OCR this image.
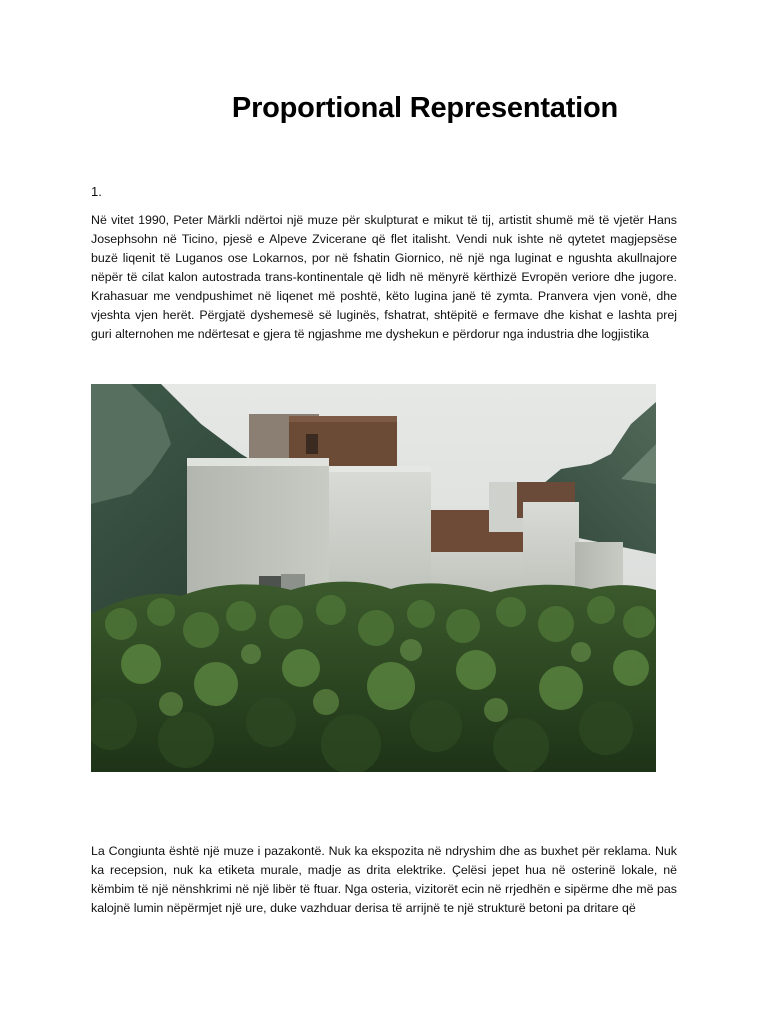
Proportional Representation
1.

Në vitet 1990, Peter Märkli ndërtoi një muze për skulpturat e mikut të tij, artistit shumë më të vjetër Hans Josephsohn në Ticino, pjesë e Alpeve Zvicerane që flet italisht. Vendi nuk ishte në qytetet magjepsëse buzë liqenit të Luganos ose Lokarnos, por në fshatin Giornico, në një nga luginat e ngushta akullnajore nëpër të cilat kalon autostrada trans-kontinentale që lidh në mënyrë kërthizë Evropën veriore dhe jugore. Krahasuar me vendpushimet në liqenet më poshtë, këto lugina janë të zymta. Pranvera vjen vonë, dhe vjeshta vjen herët. Përgjatë dyshemesë së luginës, fshatrat, shtëpitë e fermave dhe kishat e lashta prej guri alternohen me ndërtesat e gjera të ngjashme me dyshekun e përdorur nga industria dhe logjistika

La Congiunta është një muze i pazakontë. Nuk ka ekspozita në ndryshim dhe as buxhet për reklama. Nuk ka recepsion, nuk ka etiketa murale, madje as drita elektrike. Çelësi jepet hua në osterinë lokale, në këmbim të një nënshkrimi në një libër të ftuar. Nga osteria, vizitorët ecin në rrjedhën e sipërme dhe më pas kalojnë lumin nëpërmjet një ure, duke vazhduar derisa të arrijnë te një strukturë betoni pa dritare që
